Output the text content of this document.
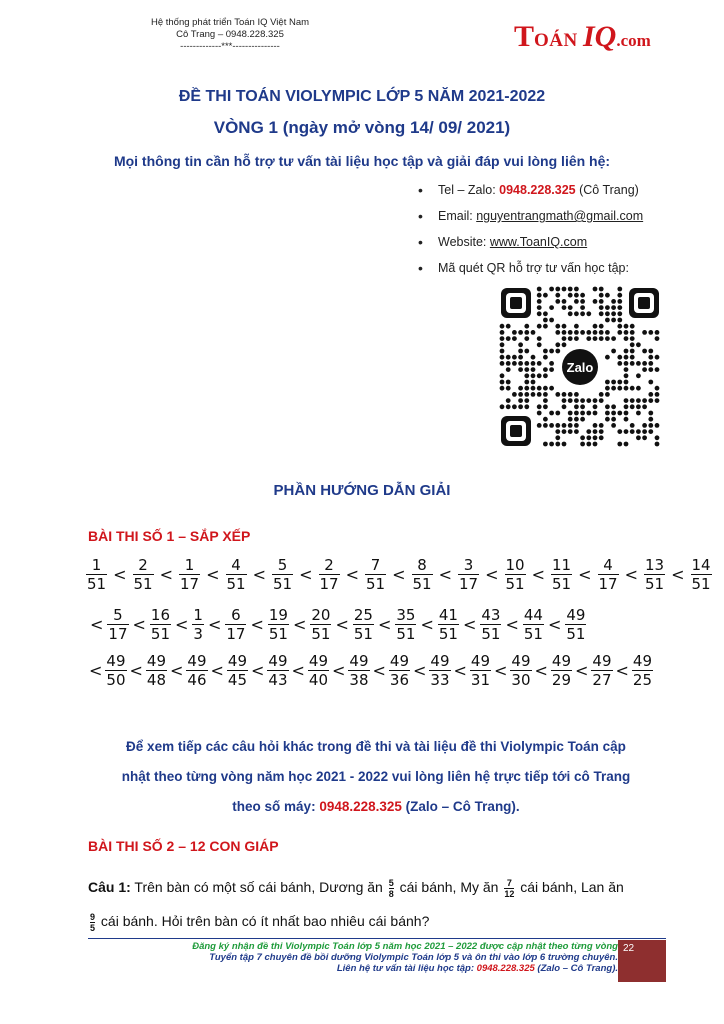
Hệ thống phát triển Toán IQ Việt Nam
Cô Trang – 0948.228.325
-------------***---------------	TOÁN IQ.com
ĐỀ THI TOÁN VIOLYMPIC LỚP 5 NĂM 2021-2022
VÒNG 1 (ngày mở vòng 14/ 09/ 2021)
Mọi thông tin cần hỗ trợ tư vấn tài liệu học tập và giải đáp vui lòng liên hệ:
• Tel – Zalo: 0948.228.325 (Cô Trang)
• Email: nguyentrangmath@gmail.com
• Website: www.ToanIQ.com
• Mã quét QR hỗ trợ tư vấn học tập:
Zalo
PHẦN HƯỚNG DẪN GIẢI
BÀI THI SỐ 1 – SẮP XẾP
$\frac{1}{51} < \frac{2}{51} < \frac{1}{17} < \frac{4}{51} < \frac{5}{51} < \frac{2}{17} < \frac{7}{51} < \frac{8}{51} < \frac{3}{17} < \frac{10}{51} < \frac{11}{51} < \frac{4}{17} < \frac{13}{51} < \frac{14}{51}$
< $\frac{5}{17} < \frac{16}{51} < \frac{1}{3} < \frac{6}{17} < \frac{19}{51} < \frac{20}{51} < \frac{25}{51} < \frac{35}{51} < \frac{41}{51} < \frac{43}{51} < \frac{44}{51} < \frac{49}{51}$
< $\frac{49}{50} < \frac{49}{48} < \frac{49}{46} < \frac{49}{45} < \frac{49}{43} < \frac{49}{40} < \frac{49}{38} < \frac{49}{36} < \frac{49}{33} < \frac{49}{31} < \frac{49}{30} < \frac{49}{29} < \frac{49}{27} < \frac{49}{25}$
Để xem tiếp các câu hỏi khác trong đề thi và tài liệu đề thi Violympic Toán cập
nhật theo từng vòng năm học 2021 - 2022 vui lòng liên hệ trực tiếp tới cô Trang
theo số máy: 0948.228.325 (Zalo – Cô Trang).
BÀI THI SỐ 2 – 12 CON GIÁP
Câu 1: Trên bàn có một số cái bánh, Dương ăn $\frac{5}{8}$ cái bánh, My ăn $\frac{7}{12}$ cái bánh, Lan ăn

$\frac{9}{5}$ cái bánh. Hỏi trên bàn có ít nhất bao nhiêu cái bánh?
Đăng ký nhận đề thi Violympic Toán lớp 5 năm học 2021 – 2022 được cập nhật theo từng vòng
Tuyển tập 7 chuyên đề bồi dưỡng Violympic Toán lớp 5 và ôn thi vào lớp 6 trường chuyên.
Liên hệ tư vấn tài liệu học tập: 0948.228.325 (Zalo – Cô Trang).
22
